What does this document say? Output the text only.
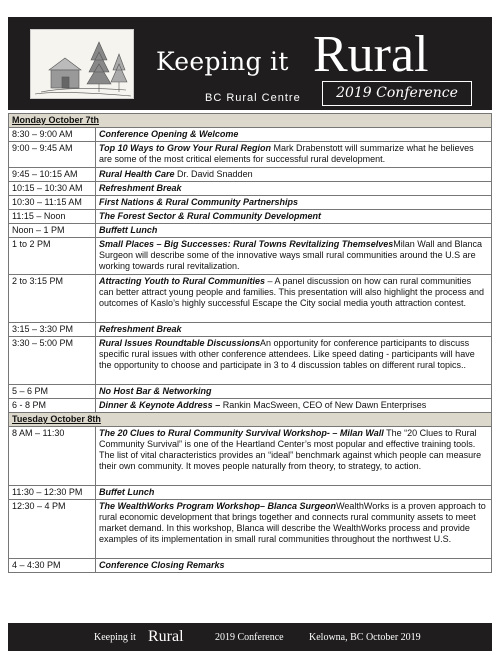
Keeping it Rural
BC Rural Centre	2019 Conference
Monday October 7th	
8:30 – 9:00 AM	Conference Opening & Welcome
9:00 – 9:45 AM	Top 10 Ways to Grow Your Rural Region Mark Drabenstott will summarize what he believes are some of the most critical elements for successful rural development.
9:45 – 10:15 AM	Rural Health Care Dr. David Snadden
10:15 – 10:30 AM	Refreshment Break
10:30 – 11:15 AM	First Nations & Rural Community Partnerships
11:15 – Noon	The Forest Sector & Rural Community Development
Noon – 1 PM	Buffett Lunch
1 to 2 PM	Small Places – Big Successes: Rural Towns Revitalizing ThemselvesMilan Wall and Blanca Surgeon will describe some of the innovative ways small rural communities around the U.S are working towards rural revitalization.
2 to 3:15 PM	Attracting Youth to Rural Communities – A panel discussion on how can rural communities can better attract young people and families. This presentation will also highlight the process and outcomes of Kaslo’s highly successful Escape the City social media youth attraction contest.
3:15 – 3:30 PM	Refreshment Break
3:30 – 5:00 PM	Rural Issues Roundtable DiscussionsAn opportunity for conference participants to discuss specific rural issues with other conference attendees. Like speed dating - participants will have the opportunity to choose and participate in 3 to 4 discussion tables on different rural topics..
5 – 6 PM	No Host Bar & Networking
6 - 8 PM	Dinner & Keynote Address – Rankin MacSween, CEO of New Dawn Enterprises
Tuesday October 8th	
8 AM – 11:30	The 20 Clues to Rural Community Survival Workshop- – Milan Wall The “20 Clues to Rural Community Survival” is one of the Heartland Center’s most popular and effective training tools. The list of vital characteristics provides an “ideal” benchmark against which people can measure their own community. It moves people naturally from theory, to strategy, to action.
11:30 – 12:30 PM	Buffet Lunch
12:30 – 4 PM	The WealthWorks Program Workshop– Blanca SurgeonWealthWorks is a proven approach to rural economic development that brings together and connects rural community assets to meet market demand. In this workshop, Blanca will describe the WealthWorks process and provide examples of its implementation in small rural communities throughout the northwest U.S.
4 – 4:30 PM	Conference Closing Remarks
Keeping it Rural	2019 Conference	Kelowna, BC October 2019
